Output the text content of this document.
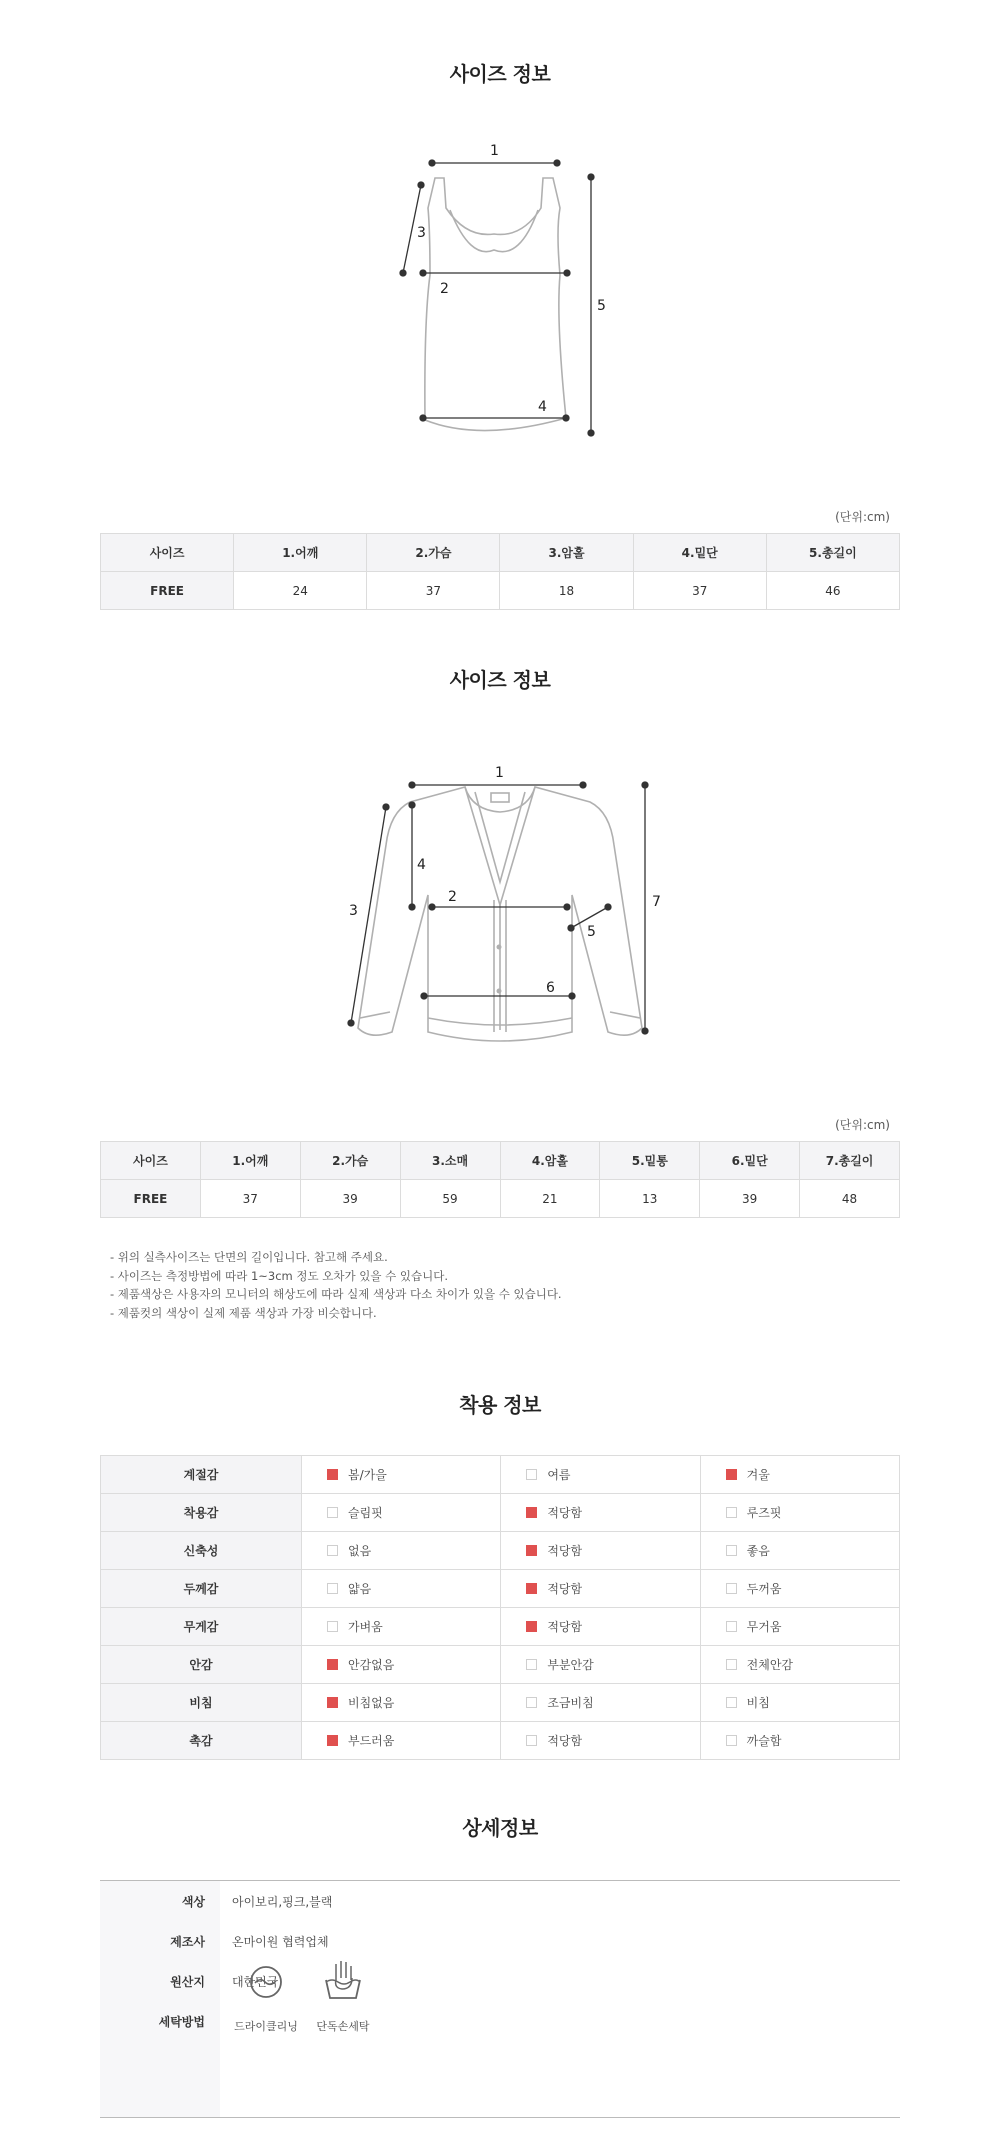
사이즈 정보
1
2
3
4
5
(단위:cm)
사이즈	1.어깨	2.가슴	3.암홀	4.밑단	5.총길이
FREE	24	37	18	37	46
사이즈 정보
1
2
3
4
5
6
7
(단위:cm)
사이즈	1.어깨	2.가슴	3.소매	4.암홀	5.밑통	6.밑단	7.총길이
FREE	37	39	59	21	13	39	48
- 위의 실측사이즈는 단면의 길이입니다. 참고해 주세요.
- 사이즈는 측정방법에 따라 1~3cm 정도 오차가 있을 수 있습니다.
- 제품색상은 사용자의 모니터의 해상도에 따라 실제 색상과 다소 차이가 있을 수 있습니다.
- 제품컷의 색상이 실제 제품 색상과 가장 비슷합니다.
착용 정보
계절감	봄/가을	여름	겨울
착용감	슬림핏	적당함	루즈핏
신축성	없음	적당함	좋음
두께감	얇음	적당함	두꺼움
무게감	가벼움	적당함	무거움
안감	안감없음	부분안감	전체안감
비침	비침없음	조금비침	비침
촉감	부드러움	적당함	까슬함
상세정보
색상 아이보리,핑크,블랙
제조사 온마이원 협력업체
원산지 대한민국
세탁방법	드라이클리닝	단독손세탁
